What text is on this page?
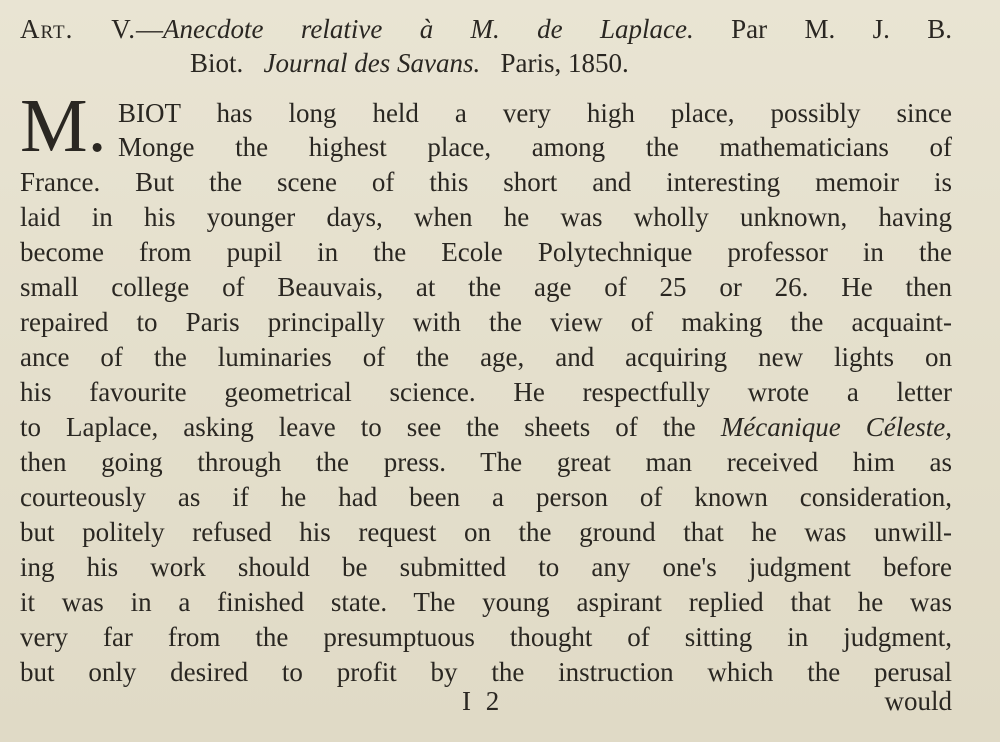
Art. V.—Anecdote relative à M. de Laplace. Par M. J. B.
Biot. Journal des Savans. Paris, 1850.
M. BIOT has long held a very high place, possibly since
Monge the highest place, among the mathematicians of
France. But the scene of this short and interesting memoir is
laid in his younger days, when he was wholly unknown, having
become from pupil in the Ecole Polytechnique professor in the
small college of Beauvais, at the age of 25 or 26. He then
repaired to Paris principally with the view of making the acquaint-
ance of the luminaries of the age, and acquiring new lights on
his favourite geometrical science. He respectfully wrote a letter
to Laplace, asking leave to see the sheets of the Mécanique Céleste,
then going through the press. The great man received him as
courteously as if he had been a person of known consideration,
but politely refused his request on the ground that he was unwill-
ing his work should be submitted to any one's judgment before
it was in a finished state. The young aspirant replied that he was
very far from the presumptuous thought of sitting in judgment,
but only desired to profit by the instruction which the perusal
I 2	would
